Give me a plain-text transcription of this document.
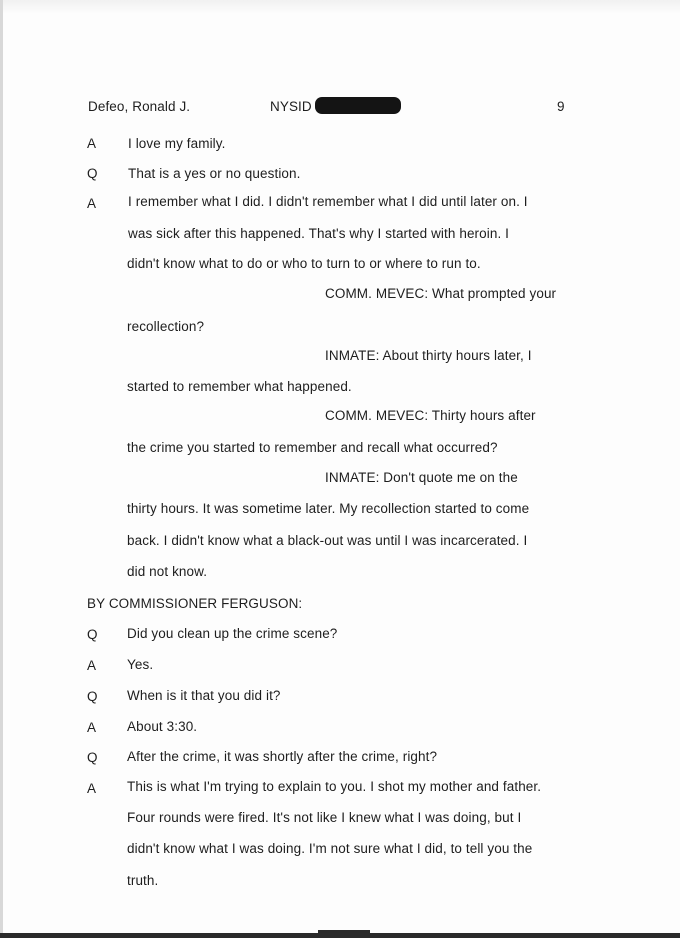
Defeo, Ronald J.	NYSID	9
A I love my family.
Q That is a yes or no question.
A I remember what I did. I didn't remember what I did until later on. I
was sick after this happened. That's why I started with heroin. I
didn't know what to do or who to turn to or where to run to.
COMM. MEVEC: What prompted your
recollection?
INMATE: About thirty hours later, I
started to remember what happened.
COMM. MEVEC: Thirty hours after
the crime you started to remember and recall what occurred?
INMATE: Don't quote me on the
thirty hours. It was sometime later. My recollection started to come
back. I didn't know what a black-out was until I was incarcerated. I
did not know.
BY COMMISSIONER FERGUSON:
Q Did you clean up the crime scene?
A Yes.
Q When is it that you did it?
A About 3:30.
Q After the crime, it was shortly after the crime, right?
A This is what I'm trying to explain to you. I shot my mother and father.
Four rounds were fired. It's not like I knew what I was doing, but I
didn't know what I was doing. I'm not sure what I did, to tell you the
truth.
